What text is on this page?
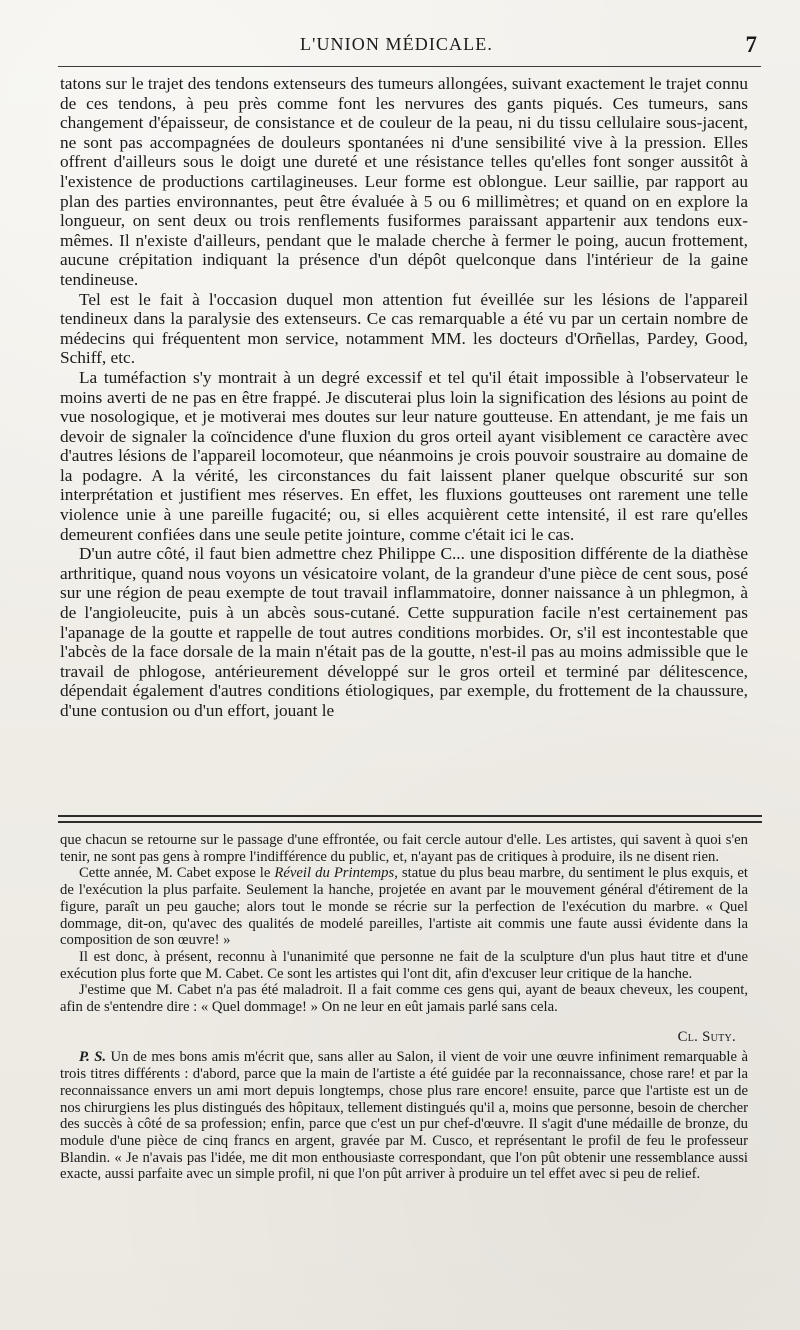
L'UNION MÉDICALE.	7

tatons sur le trajet des tendons extenseurs des tumeurs allongées, suivant exactement le trajet connu de ces tendons, à peu près comme font les nervures des gants piqués. Ces tumeurs, sans changement d'épaisseur, de consistance et de couleur de la peau, ni du tissu cellulaire sous-jacent, ne sont pas accompagnées de douleurs spontanées ni d'une sensibilité vive à la pression. Elles offrent d'ailleurs sous le doigt une dureté et une résistance telles qu'elles font songer aussitôt à l'existence de productions cartilagineuses. Leur forme est oblongue. Leur saillie, par rapport au plan des parties environnantes, peut être évaluée à 5 ou 6 millimètres; et quand on en explore la longueur, on sent deux ou trois renflements fusiformes paraissant appartenir aux tendons eux-mêmes. Il n'existe d'ailleurs, pendant que le malade cherche à fermer le poing, aucun frottement, aucune crépitation indiquant la présence d'un dépôt quelconque dans l'intérieur de la gaine tendineuse.

Tel est le fait à l'occasion duquel mon attention fut éveillée sur les lésions de l'appareil tendineux dans la paralysie des extenseurs. Ce cas remarquable a été vu par un certain nombre de médecins qui fréquentent mon service, notamment MM. les docteurs d'Orñellas, Pardey, Good, Schiff, etc.

La tuméfaction s'y montrait à un degré excessif et tel qu'il était impossible à l'observateur le moins averti de ne pas en être frappé. Je discuterai plus loin la signification des lésions au point de vue nosologique, et je motiverai mes doutes sur leur nature goutteuse. En attendant, je me fais un devoir de signaler la coïncidence d'une fluxion du gros orteil ayant visiblement ce caractère avec d'autres lésions de l'appareil locomoteur, que néanmoins je crois pouvoir soustraire au domaine de la podagre. A la vérité, les circonstances du fait laissent planer quelque obscurité sur son interprétation et justifient mes réserves. En effet, les fluxions goutteuses ont rarement une telle violence unie à une pareille fugacité; ou, si elles acquièrent cette intensité, il est rare qu'elles demeurent confiées dans une seule petite jointure, comme c'était ici le cas.

D'un autre côté, il faut bien admettre chez Philippe C... une disposition différente de la diathèse arthritique, quand nous voyons un vésicatoire volant, de la grandeur d'une pièce de cent sous, posé sur une région de peau exempte de tout travail inflammatoire, donner naissance à un phlegmon, à de l'angioleucite, puis à un abcès sous-cutané. Cette suppuration facile n'est certainement pas l'apanage de la goutte et rappelle de tout autres conditions morbides. Or, s'il est incontestable que l'abcès de la face dorsale de la main n'était pas de la goutte, n'est-il pas au moins admissible que le travail de phlogose, antérieurement développé sur le gros orteil et terminé par délitescence, dépendait également d'autres conditions étiologiques, par exemple, du frottement de la chaussure, d'une contusion ou d'un effort, jouant le

que chacun se retourne sur le passage d'une effrontée, ou fait cercle autour d'elle. Les artistes, qui savent à quoi s'en tenir, ne sont pas gens à rompre l'indifférence du public, et, n'ayant pas de critiques à produire, ils ne disent rien.

Cette année, M. Cabet expose le Réveil du Printemps, statue du plus beau marbre, du sentiment le plus exquis, et de l'exécution la plus parfaite. Seulement la hanche, projetée en avant par le mouvement général d'étirement de la figure, paraît un peu gauche; alors tout le monde se récrie sur la perfection de l'exécution du marbre. « Quel dommage, dit-on, qu'avec des qualités de modelé pareilles, l'artiste ait commis une faute aussi évidente dans la composition de son œuvre! »

Il est donc, à présent, reconnu à l'unanimité que personne ne fait de la sculpture d'un plus haut titre et d'une exécution plus forte que M. Cabet. Ce sont les artistes qui l'ont dit, afin d'excuser leur critique de la hanche.

J'estime que M. Cabet n'a pas été maladroit. Il a fait comme ces gens qui, ayant de beaux cheveux, les coupent, afin de s'entendre dire : « Quel dommage! » On ne leur en eût jamais parlé sans cela.

Cl. Suty.

P. S. Un de mes bons amis m'écrit que, sans aller au Salon, il vient de voir une œuvre infiniment remarquable à trois titres différents : d'abord, parce que la main de l'artiste a été guidée par la reconnaissance, chose rare! et par la reconnaissance envers un ami mort depuis longtemps, chose plus rare encore! ensuite, parce que l'artiste est un de nos chirurgiens les plus distingués des hôpitaux, tellement distingués qu'il a, moins que personne, besoin de chercher des succès à côté de sa profession; enfin, parce que c'est un pur chef-d'œuvre. Il s'agit d'une médaille de bronze, du module d'une pièce de cinq francs en argent, gravée par M. Cusco, et représentant le profil de feu le professeur Blandin. « Je n'avais pas l'idée, me dit mon enthousiaste correspondant, que l'on pût obtenir une ressemblance aussi exacte, aussi parfaite avec un simple profil, ni que l'on pût arriver à produire un tel effet avec si peu de relief.
